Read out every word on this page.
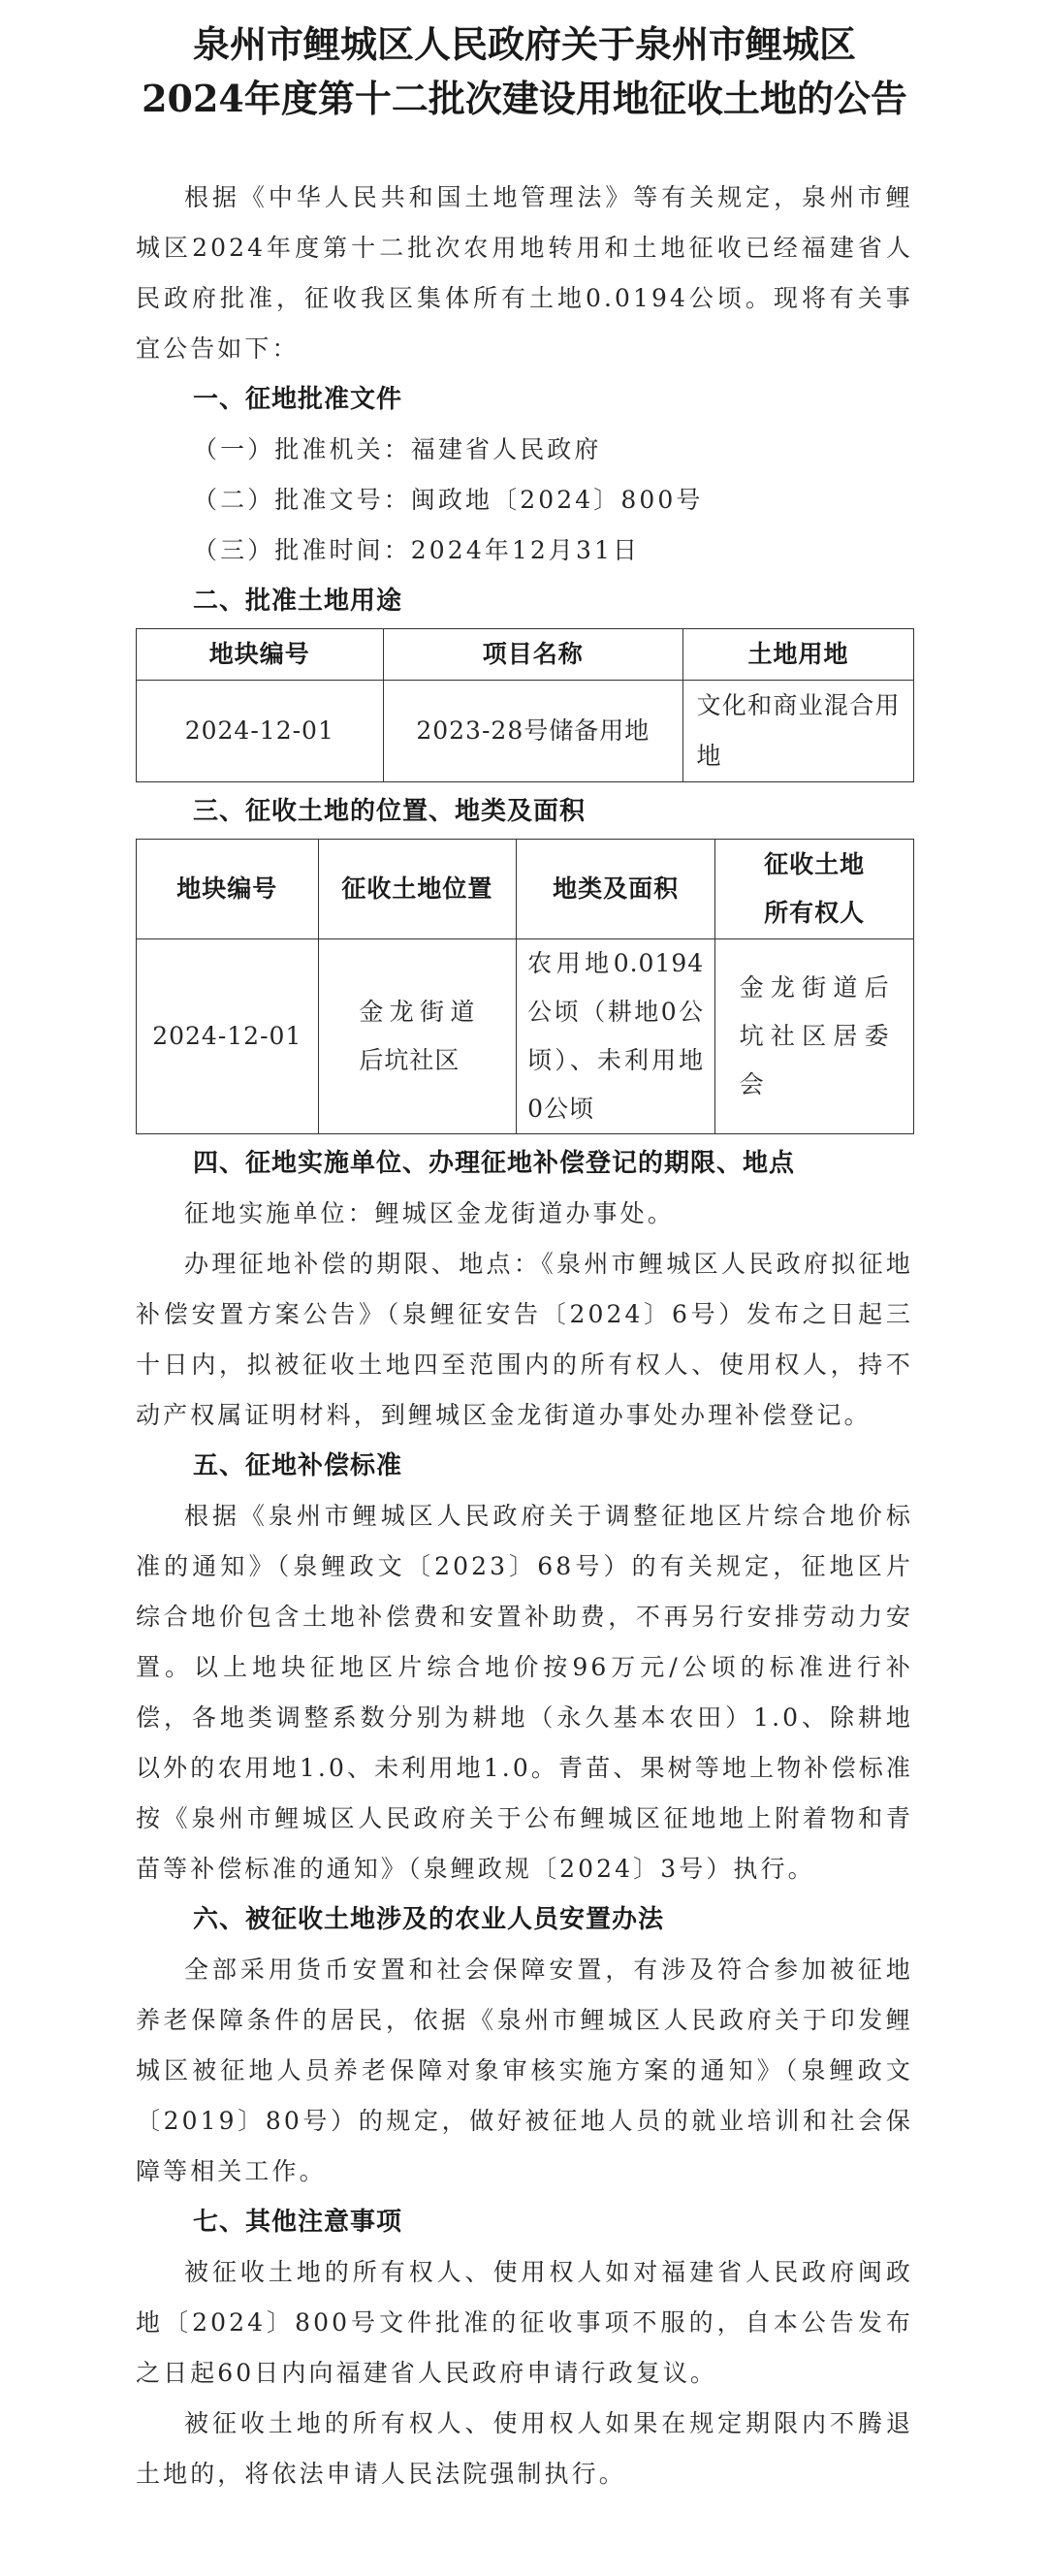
泉州市鲤城区人民政府关于泉州市鲤城区
2024年度第十二批次建设用地征收土地的公告

根据《中华人民共和国土地管理法》等有关规定，泉州市鲤城区2024年度第十二批次农用地转用和土地征收已经福建省人民政府批准，征收我区集体所有土地0.0194公顷。现将有关事宜公告如下：

一、征地批准文件

（一）批准机关：福建省人民政府

（二）批准文号：闽政地〔2024〕800号

（三）批准时间：2024年12月31日

二、批准土地用途

地块编号	项目名称	土地用地
2024-12-01	2023-28号储备用地	文化和商业混合用地

三、征收土地的位置、地类及面积

地块编号	征收土地位置	地类及面积	征收土地所有权人
2024-12-01	金龙街道后坑社区	农用地0.0194公顷（耕地0公顷）、未利用地0公顷	金龙街道后坑社区居委会

四、征地实施单位、办理征地补偿登记的期限、地点

征地实施单位：鲤城区金龙街道办事处。

办理征地补偿的期限、地点：《泉州市鲤城区人民政府拟征地补偿安置方案公告》（泉鲤征安告〔2024〕6号）发布之日起三十日内，拟被征收土地四至范围内的所有权人、使用权人，持不动产权属证明材料，到鲤城区金龙街道办事处办理补偿登记。

五、征地补偿标准

根据《泉州市鲤城区人民政府关于调整征地区片综合地价标准的通知》（泉鲤政文〔2023〕68号）的有关规定，征地区片综合地价包含土地补偿费和安置补助费，不再另行安排劳动力安置。以上地块征地区片综合地价按96万元/公顷的标准进行补偿，各地类调整系数分别为耕地（永久基本农田）1.0、除耕地以外的农用地1.0、未利用地1.0。青苗、果树等地上物补偿标准按《泉州市鲤城区人民政府关于公布鲤城区征地地上附着物和青苗等补偿标准的通知》（泉鲤政规〔2024〕3号）执行。

六、被征收土地涉及的农业人员安置办法

全部采用货币安置和社会保障安置，有涉及符合参加被征地养老保障条件的居民，依据《泉州市鲤城区人民政府关于印发鲤城区被征地人员养老保障对象审核实施方案的通知》（泉鲤政文〔2019〕80号）的规定，做好被征地人员的就业培训和社会保障等相关工作。

七、其他注意事项

被征收土地的所有权人、使用权人如对福建省人民政府闽政地〔2024〕800号文件批准的征收事项不服的，自本公告发布之日起60日内向福建省人民政府申请行政复议。

被征收土地的所有权人、使用权人如果在规定期限内不腾退土地的，将依法申请人民法院强制执行。
